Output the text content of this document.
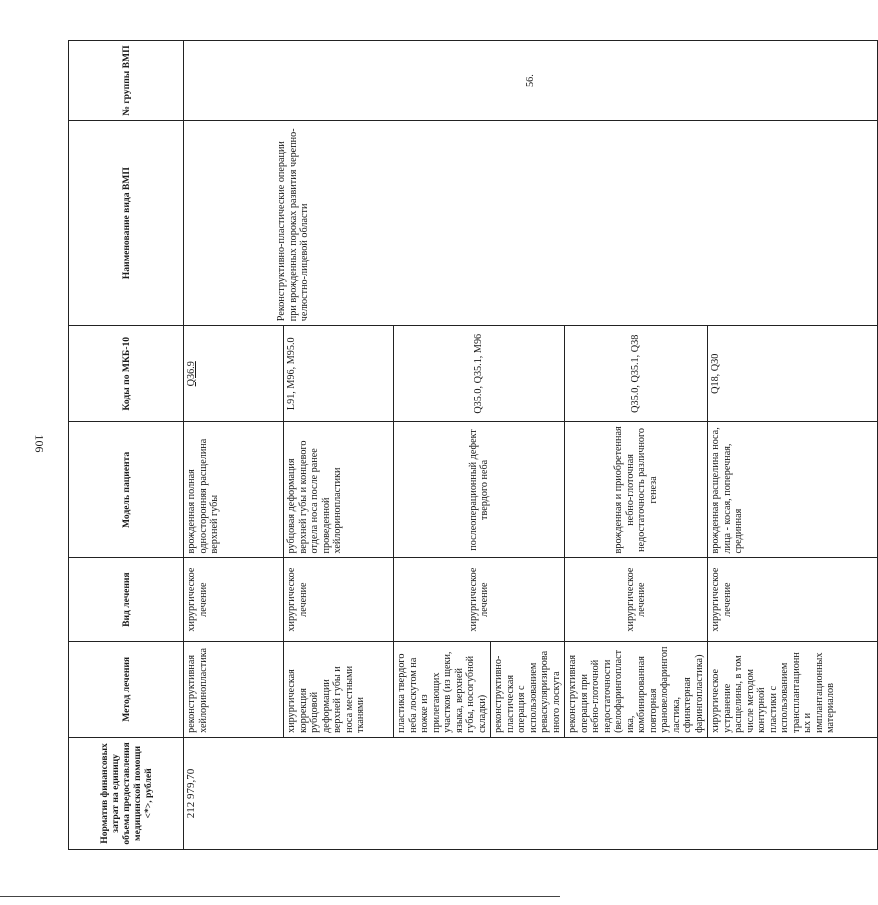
106
Норматив финансовых затрат на единицу объема предоставления медицинской помощи <*>, рублей	Метод лечения	Вид лечения	Модель пациента	Коды по МКБ-10	Наименование вида ВМП	№ группы ВМП
212 979,70	реконструктивная хейлоринопластика	хирургическое лечение	врожденная полная односторонняя расщелина верхней губы	Q36.9	Реконструктивно-пластические операции при врожденных пороках развития черепно-челюстно-лицевой области	56.
	хирургическая коррекция рубцовой деформации верхней губы и носа местными тканями	хирургическое лечение	рубцовая деформация верхней губы и концевого отдела носа после ранее проведенной хейлоринопластики	L91, M96, M95.0		
	пластика твердого неба лоскутом на ножке из прилегающих участков (из щеки, языка, верхней губы, носогубной складки)	хирургическое лечение	послеоперационный дефект твердого неба	Q35.0, Q35.1, M96		
	реконструктивно-пластическая операция с использованием реваскуляризированного лоскута					
	реконструктивная операция при небно-глоточной недостаточности (велофарингопластика, комбинированная повторная урановелофарингопластика, сфинктерная фарингопластика)	хирургическое лечение	врожденная и приобретенная небно-глоточная недостаточность различного генеза	Q35.0, Q35.1, Q38		
	хирургическое устранение расщелины, в том числе методом контурной пластики с использованием трансплантационных и имплантационных материалов	хирургическое лечение	врожденная расщелина носа, лица - косая, поперечная, срединная	Q18, Q30		
